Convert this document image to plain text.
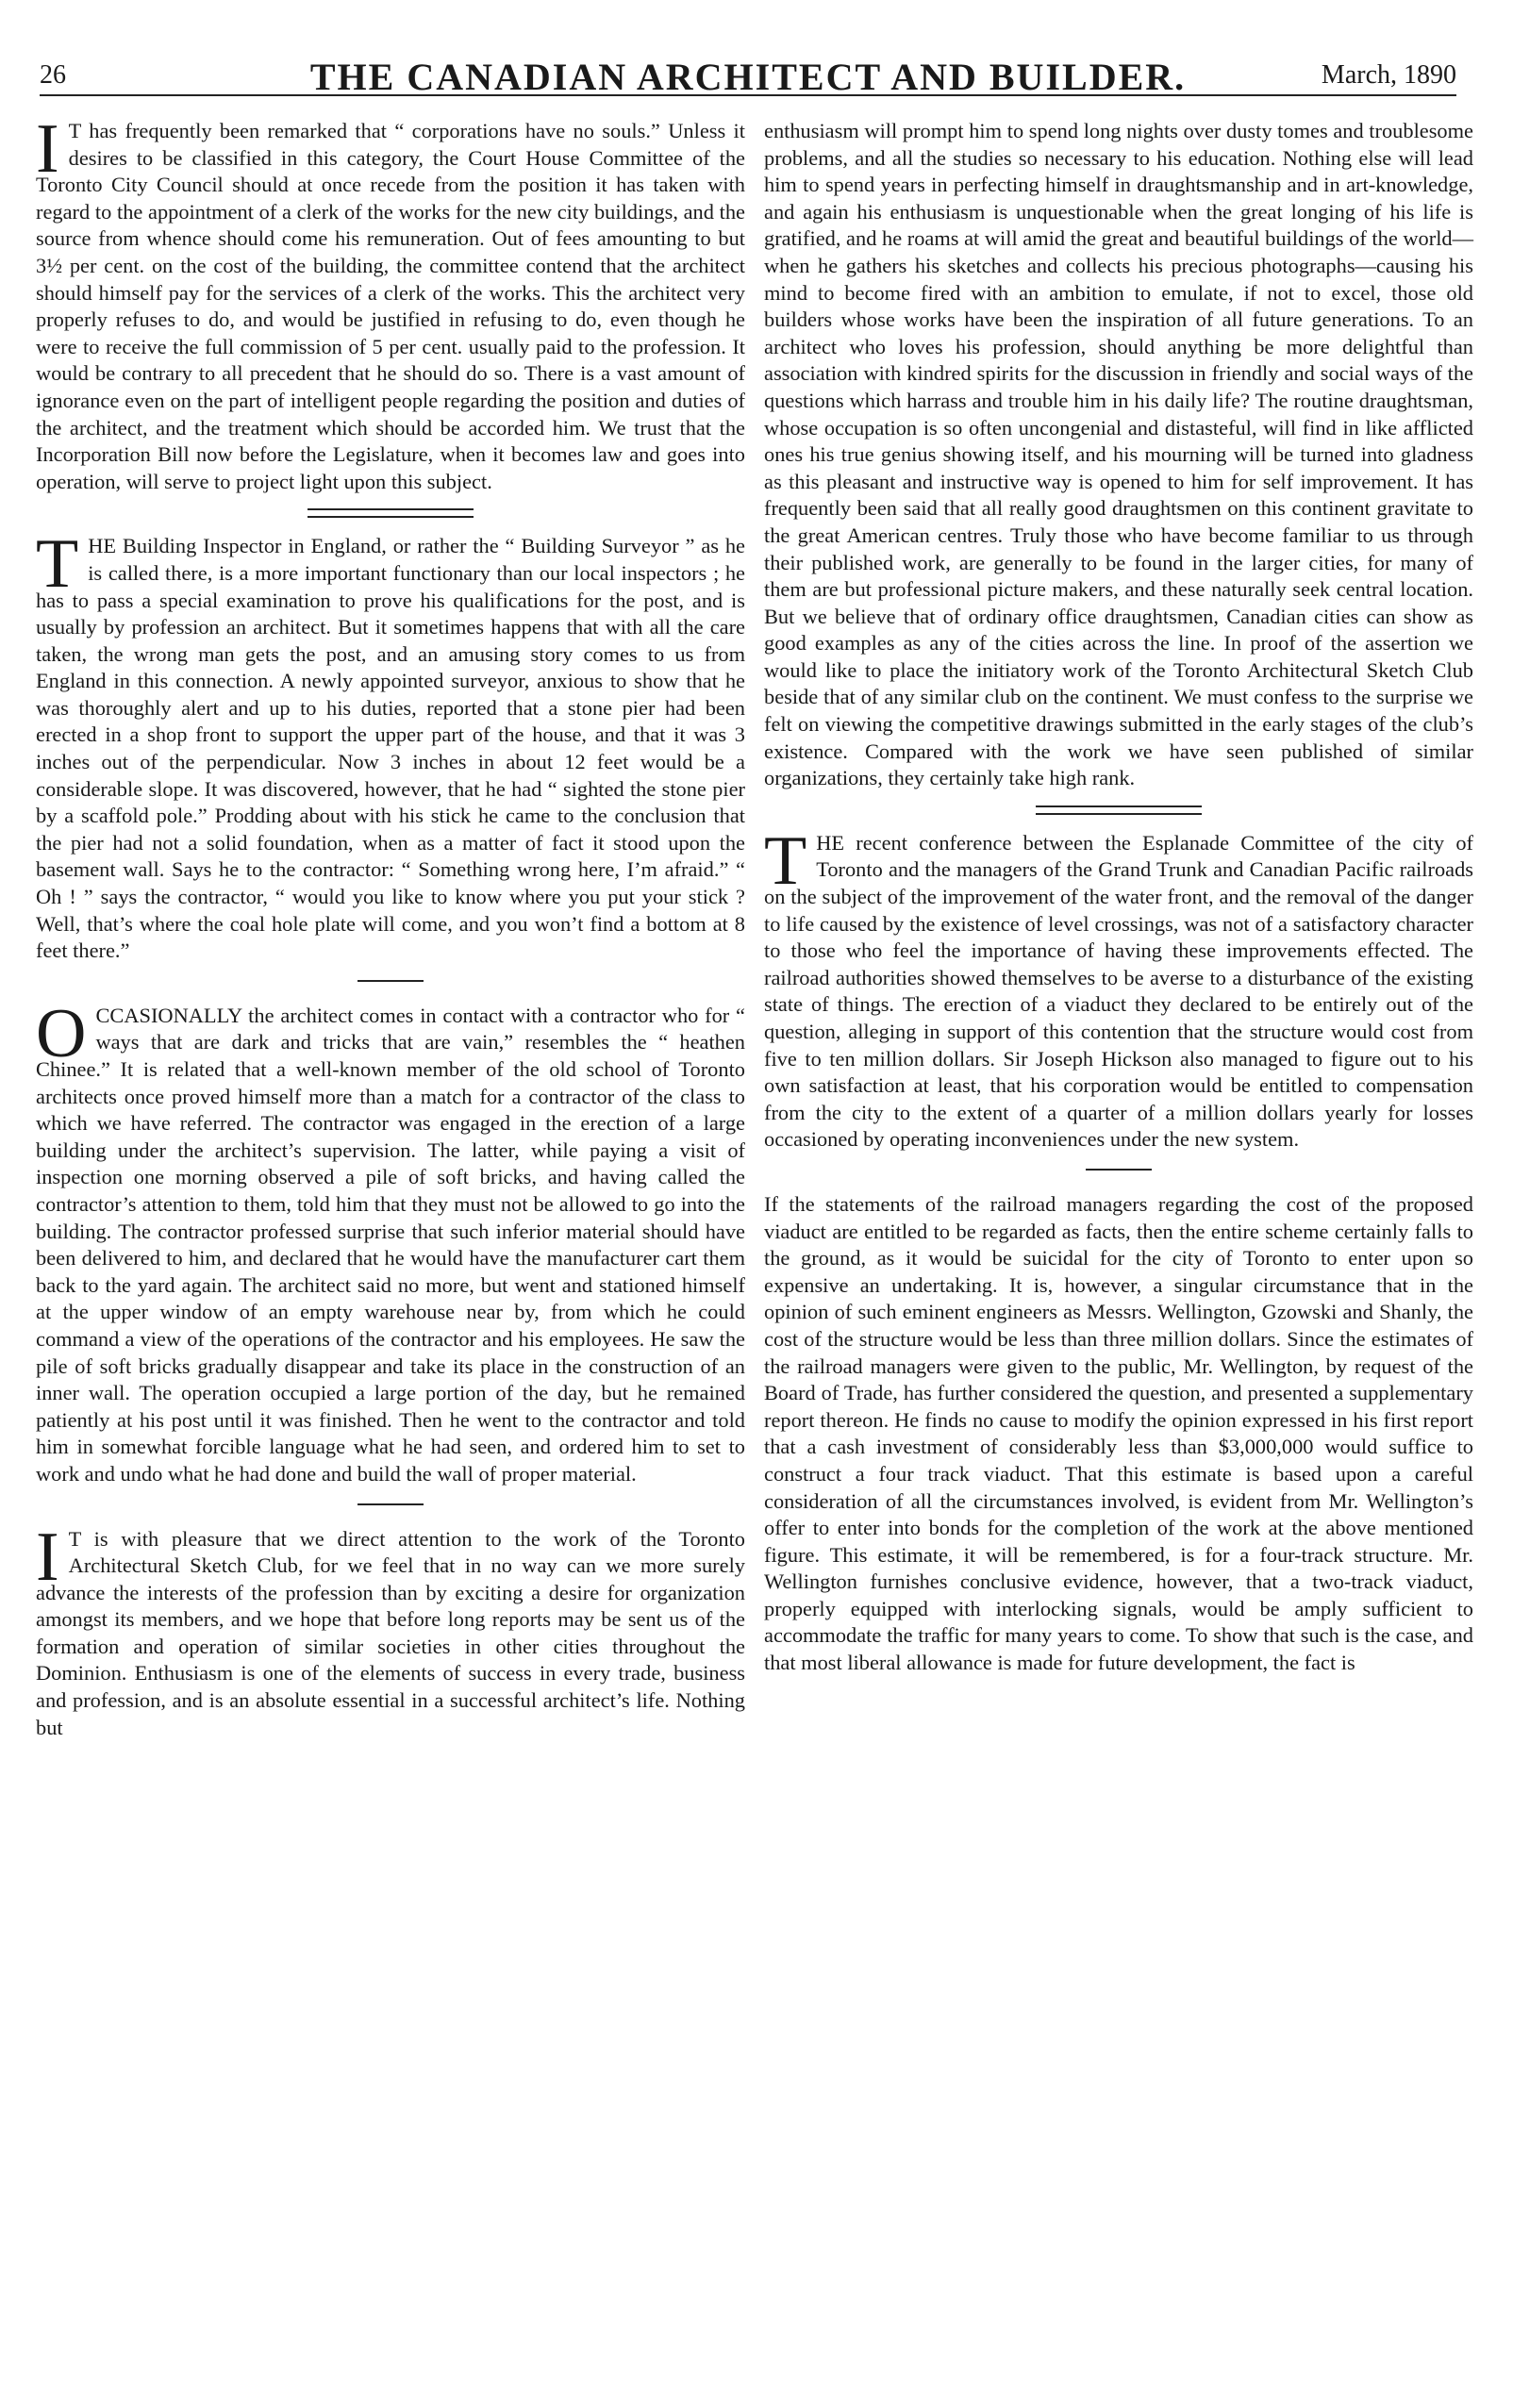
26	THE CANADIAN ARCHITECT AND BUILDER.	March, 1890

I T has frequently been remarked that “ corporations have no souls.” Unless it desires to be classified in this category, the Court House Committee of the Toronto City Council should at once recede from the position it has taken with regard to the appointment of a clerk of the works for the new city buildings, and the source from whence should come his remuneration. Out of fees amounting to but 3½ per cent. on the cost of the building, the committee contend that the architect should himself pay for the services of a clerk of the works. This the architect very properly refuses to do, and would be justified in refusing to do, even though he were to receive the full commission of 5 per cent. usually paid to the profession. It would be contrary to all precedent that he should do so. There is a vast amount of ignorance even on the part of intelligent people regarding the position and duties of the architect, and the treatment which should be accorded him. We trust that the Incorporation Bill now before the Legislature, when it becomes law and goes into operation, will serve to project light upon this subject.

THE Building Inspector in England, or rather the “ Building Surveyor ” as he is called there, is a more important functionary than our local inspectors ; he has to pass a special examination to prove his qualifications for the post, and is usually by profession an architect. But it sometimes happens that with all the care taken, the wrong man gets the post, and an amusing story comes to us from England in this connection. A newly appointed surveyor, anxious to show that he was thoroughly alert and up to his duties, reported that a stone pier had been erected in a shop front to support the upper part of the house, and that it was 3 inches out of the perpendicular. Now 3 inches in about 12 feet would be a considerable slope. It was discovered, however, that he had “ sighted the stone pier by a scaffold pole.” Prodding about with his stick he came to the conclusion that the pier had not a solid foundation, when as a matter of fact it stood upon the basement wall. Says he to the contractor: “ Something wrong here, I’m afraid.” “ Oh ! ” says the contractor, “ would you like to know where you put your stick ? Well, that’s where the coal hole plate will come, and you won’t find a bottom at 8 feet there.”

OCCASIONALLY the architect comes in contact with a contractor who for “ ways that are dark and tricks that are vain,” resembles the “ heathen Chinee.” It is related that a well-known member of the old school of Toronto architects once proved himself more than a match for a contractor of the class to which we have referred. The contractor was engaged in the erection of a large building under the architect’s supervision. The latter, while paying a visit of inspection one morning observed a pile of soft bricks, and having called the contractor’s attention to them, told him that they must not be allowed to go into the building. The contractor professed surprise that such inferior material should have been delivered to him, and declared that he would have the manufacturer cart them back to the yard again. The architect said no more, but went and stationed himself at the upper window of an empty warehouse near by, from which he could command a view of the operations of the contractor and his employees. He saw the pile of soft bricks gradually disappear and take its place in the construction of an inner wall. The operation occupied a large portion of the day, but he remained patiently at his post until it was finished. Then he went to the contractor and told him in somewhat forcible language what he had seen, and ordered him to set to work and undo what he had done and build the wall of proper material.

I T is with pleasure that we direct attention to the work of the Toronto Architectural Sketch Club, for we feel that in no way can we more surely advance the interests of the profession than by exciting a desire for organization amongst its members, and we hope that before long reports may be sent us of the formation and operation of similar societies in other cities throughout the Dominion. Enthusiasm is one of the elements of success in every trade, business and profession, and is an absolute essential in a successful architect’s life. Nothing but

enthusiasm will prompt him to spend long nights over dusty tomes and troublesome problems, and all the studies so necessary to his education. Nothing else will lead him to spend years in perfecting himself in draughtsmanship and in art-knowledge, and again his enthusiasm is unquestionable when the great longing of his life is gratified, and he roams at will amid the great and beautiful buildings of the world—when he gathers his sketches and collects his precious photographs—causing his mind to become fired with an ambition to emulate, if not to excel, those old builders whose works have been the inspiration of all future generations. To an architect who loves his profession, should anything be more delightful than association with kindred spirits for the discussion in friendly and social ways of the questions which harrass and trouble him in his daily life? The routine draughtsman, whose occupation is so often uncongenial and distasteful, will find in like afflicted ones his true genius showing itself, and his mourning will be turned into gladness as this pleasant and instructive way is opened to him for self improvement. It has frequently been said that all really good draughtsmen on this continent gravitate to the great American centres. Truly those who have become familiar to us through their published work, are generally to be found in the larger cities, for many of them are but professional picture makers, and these naturally seek central location. But we believe that of ordinary office draughtsmen, Canadian cities can show as good examples as any of the cities across the line. In proof of the assertion we would like to place the initiatory work of the Toronto Architectural Sketch Club beside that of any similar club on the continent. We must confess to the surprise we felt on viewing the competitive drawings submitted in the early stages of the club’s existence. Compared with the work we have seen published of similar organizations, they certainly take high rank.

THE recent conference between the Esplanade Committee of the city of Toronto and the managers of the Grand Trunk and Canadian Pacific railroads on the subject of the improvement of the water front, and the removal of the danger to life caused by the existence of level crossings, was not of a satisfactory character to those who feel the importance of having these improvements effected. The railroad authorities showed themselves to be averse to a disturbance of the existing state of things. The erection of a viaduct they declared to be entirely out of the question, alleging in support of this contention that the structure would cost from five to ten million dollars. Sir Joseph Hickson also managed to figure out to his own satisfaction at least, that his corporation would be entitled to compensation from the city to the extent of a quarter of a million dollars yearly for losses occasioned by operating inconveniences under the new system.

If the statements of the railroad managers regarding the cost of the proposed viaduct are entitled to be regarded as facts, then the entire scheme certainly falls to the ground, as it would be suicidal for the city of Toronto to enter upon so expensive an undertaking. It is, however, a singular circumstance that in the opinion of such eminent engineers as Messrs. Wellington, Gzowski and Shanly, the cost of the structure would be less than three million dollars. Since the estimates of the railroad managers were given to the public, Mr. Wellington, by request of the Board of Trade, has further considered the question, and presented a supplementary report thereon. He finds no cause to modify the opinion expressed in his first report that a cash investment of considerably less than $3,000,000 would suffice to construct a four track viaduct. That this estimate is based upon a careful consideration of all the circumstances involved, is evident from Mr. Wellington’s offer to enter into bonds for the completion of the work at the above mentioned figure. This estimate, it will be remembered, is for a four-track structure. Mr. Wellington furnishes conclusive evidence, however, that a two-track viaduct, properly equipped with interlocking signals, would be amply sufficient to accommodate the traffic for many years to come. To show that such is the case, and that most liberal allowance is made for future development, the fact is
